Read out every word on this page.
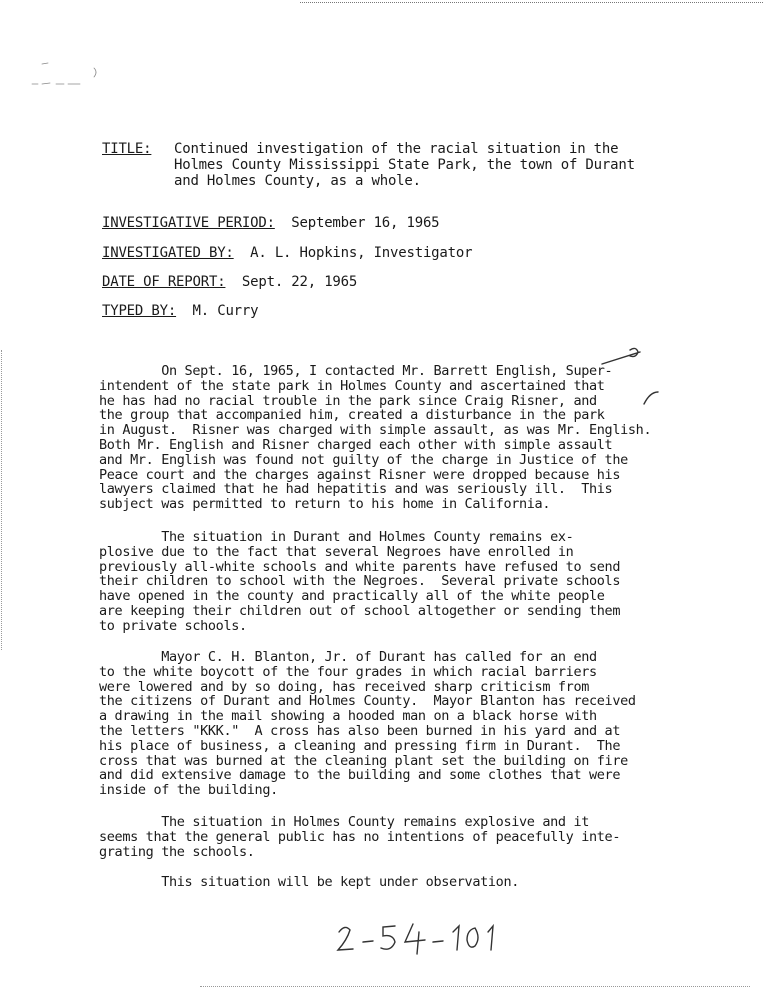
TITLE: Continued investigation of the racial situation in the
Holmes County Mississippi State Park, the town of Durant
and Holmes County, as a whole.
INVESTIGATIVE PERIOD: September 16, 1965
INVESTIGATED BY: A. L. Hopkins, Investigator
DATE OF REPORT: Sept. 22, 1965
TYPED BY: M. Curry
On Sept. 16, 1965, I contacted Mr. Barrett English, Super-
intendent of the state park in Holmes County and ascertained that
he has had no racial trouble in the park since Craig Risner, and
the group that accompanied him, created a disturbance in the park
in August.  Risner was charged with simple assault, as was Mr. English.
Both Mr. English and Risner charged each other with simple assault
and Mr. English was found not guilty of the charge in Justice of the
Peace court and the charges against Risner were dropped because his
lawyers claimed that he had hepatitis and was seriously ill.  This
subject was permitted to return to his home in California.
The situation in Durant and Holmes County remains ex-
plosive due to the fact that several Negroes have enrolled in
previously all-white schools and white parents have refused to send
their children to school with the Negroes.  Several private schools
have opened in the county and practically all of the white people
are keeping their children out of school altogether or sending them
to private schools.
Mayor C. H. Blanton, Jr. of Durant has called for an end
to the white boycott of the four grades in which racial barriers
were lowered and by so doing, has received sharp criticism from
the citizens of Durant and Holmes County.  Mayor Blanton has received
a drawing in the mail showing a hooded man on a black horse with
the letters "KKK."  A cross has also been burned in his yard and at
his place of business, a cleaning and pressing firm in Durant.  The
cross that was burned at the cleaning plant set the building on fire
and did extensive damage to the building and some clothes that were
inside of the building.
The situation in Holmes County remains explosive and it
seems that the general public has no intentions of peacefully inte-
grating the schools.
This situation will be kept under observation.
